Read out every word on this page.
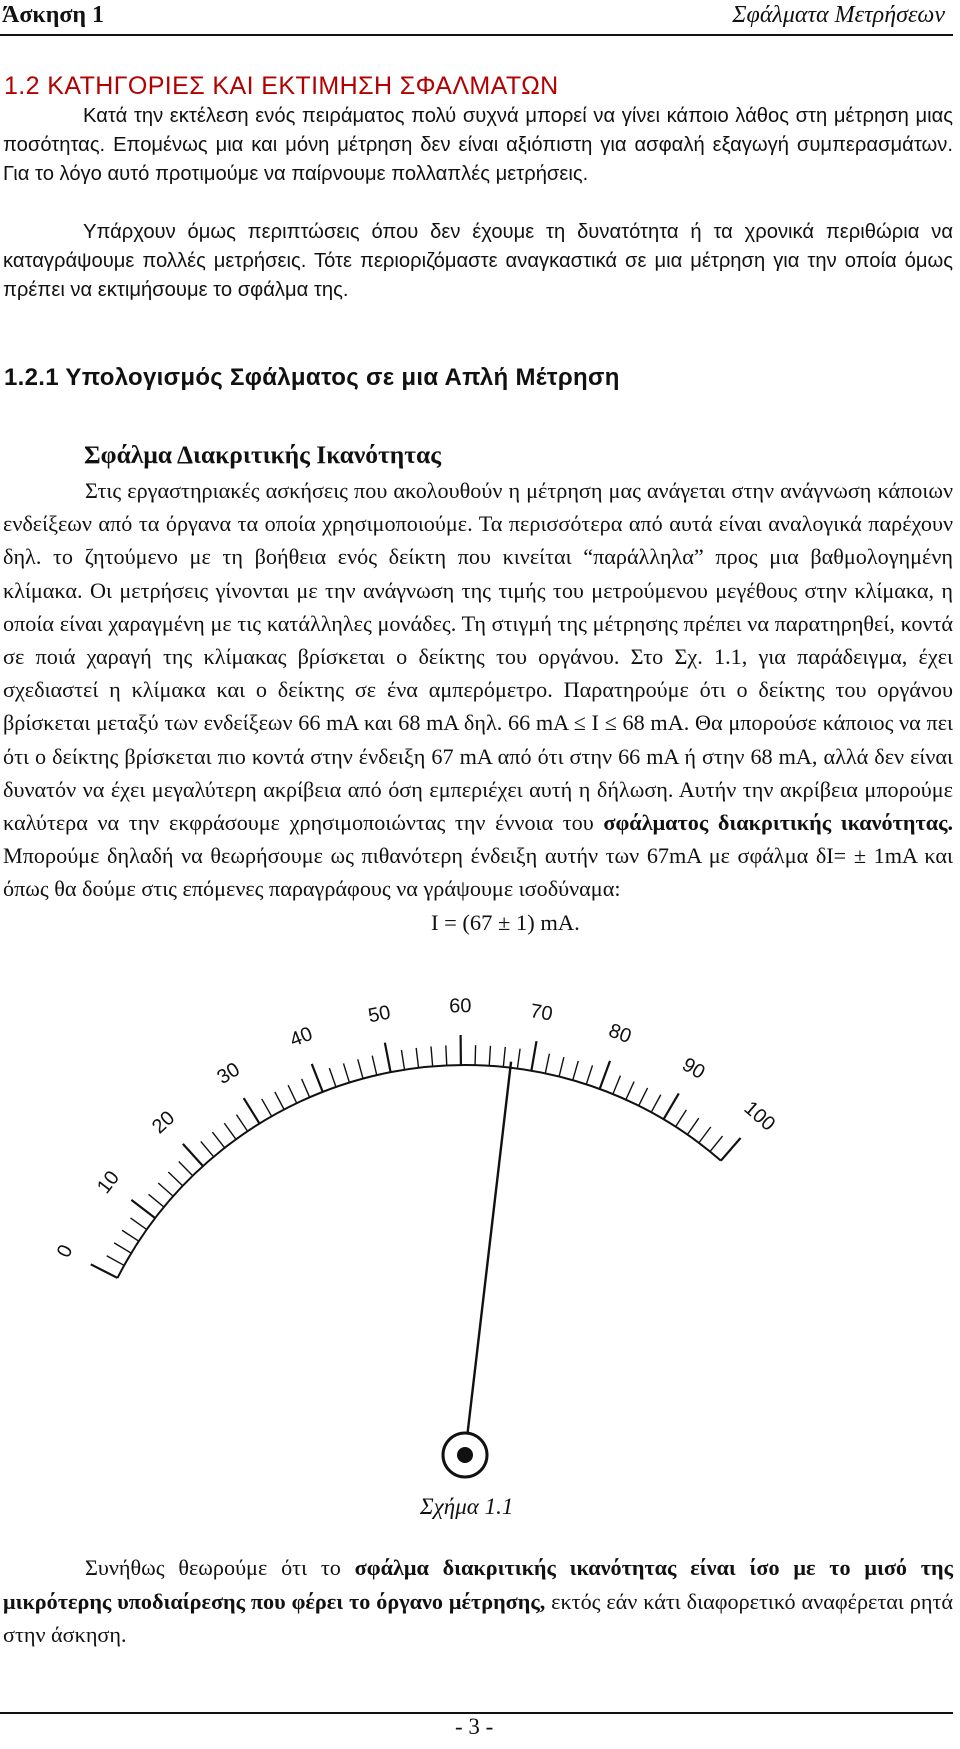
Άσκηση 1	Σφάλματα Μετρήσεων
1.2 ΚΑΤΗΓΟΡΙΕΣ ΚΑΙ ΕΚΤΙΜΗΣΗ ΣΦΑΛΜΑΤΩΝ
Κατά την εκτέλεση ενός πειράματος πολύ συχνά μπορεί να γίνει κάποιο λάθος στη μέτρηση μιας ποσότητας. Επομένως μια και μόνη μέτρηση δεν είναι αξιόπιστη για ασφαλή εξαγωγή συμπερασμάτων. Για το λόγο αυτό προτιμούμε να παίρνουμε πολλαπλές μετρήσεις.
Υπάρχουν όμως περιπτώσεις όπου δεν έχουμε τη δυνατότητα ή τα χρονικά περιθώρια να καταγράψουμε πολλές μετρήσεις. Τότε περιοριζόμαστε αναγκαστικά σε μια μέτρηση για την οποία όμως πρέπει να εκτιμήσουμε το σφάλμα της.
1.2.1 Υπολογισμός Σφάλματος σε μια Απλή Μέτρηση
Σφάλμα Διακριτικής Ικανότητας
Στις εργαστηριακές ασκήσεις που ακολουθούν η μέτρηση μας ανάγεται στην ανάγνωση κάποιων ενδείξεων από τα όργανα τα οποία χρησιμοποιούμε. Τα περισσότερα από αυτά είναι αναλογικά παρέχουν δηλ. το ζητούμενο με τη βοήθεια ενός δείκτη που κινείται “παράλληλα” προς μια βαθμολογημένη κλίμακα. Οι μετρήσεις γίνονται με την ανάγνωση της τιμής του μετρούμενου μεγέθους στην κλίμακα, η οποία είναι χαραγμένη με τις κατάλληλες μονάδες. Τη στιγμή της μέτρησης πρέπει να παρατηρηθεί, κοντά σε ποιά χαραγή της κλίμακας βρίσκεται ο δείκτης του οργάνου. Στο Σχ. 1.1, για παράδειγμα, έχει σχεδιαστεί η κλίμακα και ο δείκτης σε ένα αμπερόμετρο. Παρατηρούμε ότι ο δείκτης του οργάνου βρίσκεται μεταξύ των ενδείξεων 66 mA και 68 mA δηλ. 66 mA ≤ I ≤ 68 mA. Θα μπορούσε κάποιος να πει ότι ο δείκτης βρίσκεται πιο κοντά στην ένδειξη 67 mA από ότι στην 66 mA ή στην 68 mA, αλλά δεν είναι δυνατόν να έχει μεγαλύτερη ακρίβεια από όση εμπεριέχει αυτή η δήλωση. Αυτήν την ακρίβεια μπορούμε καλύτερα να την εκφράσουμε χρησιμοποιώντας την έννοια του σφάλματος διακριτικής ικανότητας. Μπορούμε δηλαδή να θεωρήσουμε ως πιθανότερη ένδειξη αυτήν των 67mA με σφάλμα δI= ± 1mA και όπως θα δούμε στις επόμενες παραγράφους να γράψουμε ισοδύναμα:
I = (67 ± 1) mA.
0
10
20
30
40
50	60	70
80
90
100
Σχήμα 1.1
Συνήθως θεωρούμε ότι το σφάλμα διακριτικής ικανότητας είναι ίσο με το μισό της μικρότερης υποδιαίρεσης που φέρει το όργανο μέτρησης, εκτός εάν κάτι διαφορετικό αναφέρεται ρητά στην άσκηση.
- 3 -
